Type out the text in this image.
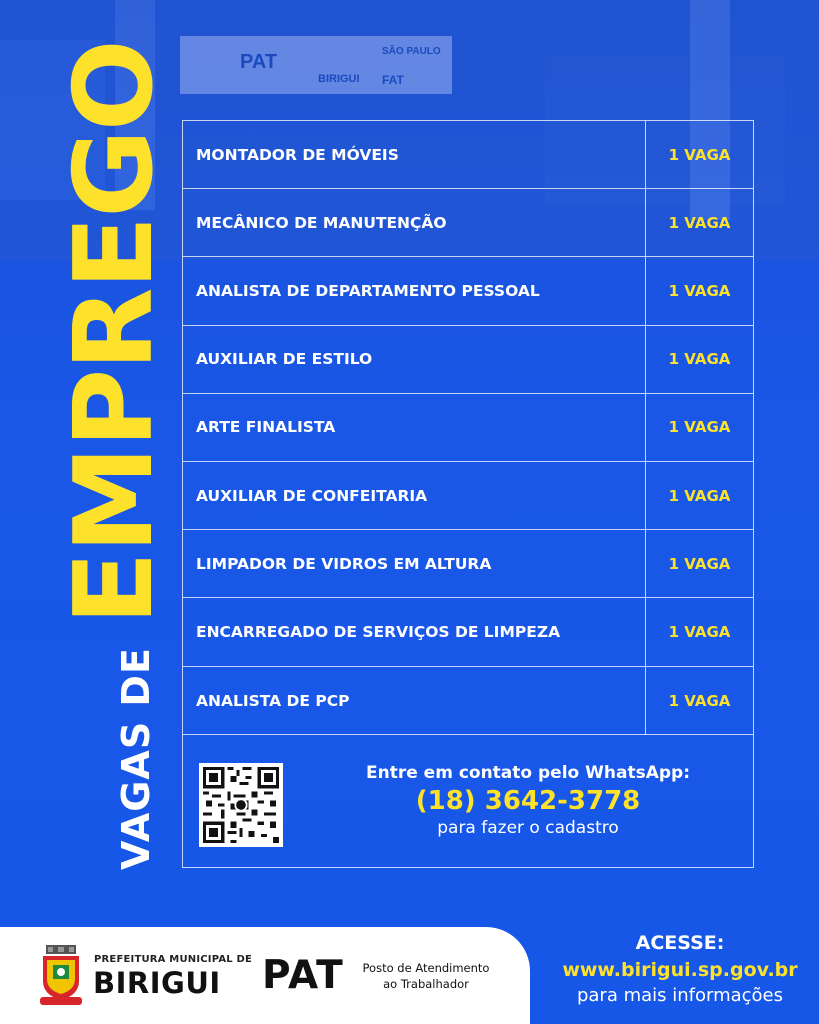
PAT
BIRIGUI
SÃO PAULO
FAT
VAGAS DE
EMPREGO	MONTADOR DE MÓVEIS	1 VAGA
MECÂNICO DE MANUTENÇÃO	1 VAGA
ANALISTA DE DEPARTAMENTO PESSOAL	1 VAGA
AUXILIAR DE ESTILO	1 VAGA
ARTE FINALISTA	1 VAGA
AUXILIAR DE CONFEITARIA	1 VAGA
LIMPADOR DE VIDROS EM ALTURA	1 VAGA
ENCARREGADO DE SERVIÇOS DE LIMPEZA	1 VAGA
ANALISTA DE PCP	1 VAGA
Entre em contato pelo WhatsApp:
(18) 3642-3778
para fazer o cadastro
PREFEITURA MUNICIPAL DE
BIRIGUI PAT	Posto de Atendimento ao Trabalhador
ACESSE:
www.birigui.sp.gov.br
para mais informações
